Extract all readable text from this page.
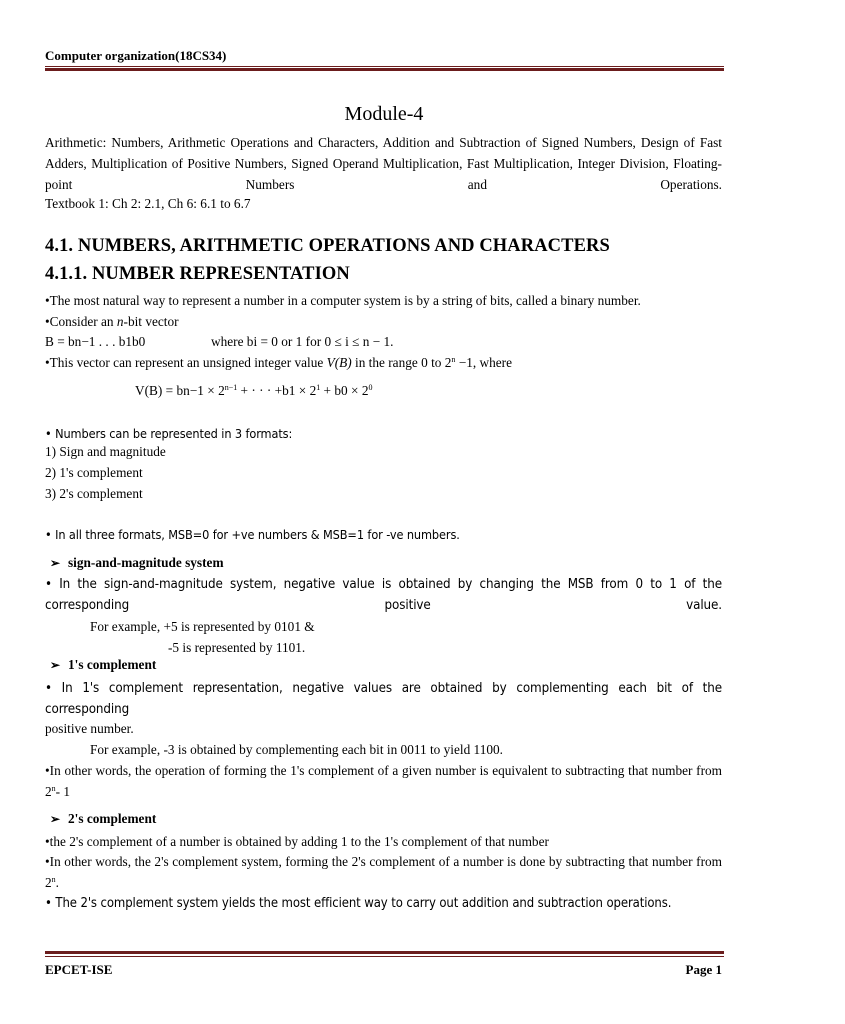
Computer organization(18CS34)
Module-4
Arithmetic: Numbers, Arithmetic Operations and Characters, Addition and Subtraction of Signed Numbers, Design of Fast Adders, Multiplication of Positive Numbers, Signed Operand Multiplication, Fast Multiplication, Integer Division, Floating-point Numbers and Operations.
Textbook 1: Ch 2: 2.1, Ch 6: 6.1 to 6.7
4.1. NUMBERS, ARITHMETIC OPERATIONS AND CHARACTERS
4.1.1. NUMBER REPRESENTATION
•The most natural way to represent a number in a computer system is by a string of bits, called a binary number.
•Consider an n-bit vector
B = bn−1 . . . b1b0	where bi = 0 or 1 for 0 ≤ i ≤ n − 1.
•This vector can represent an unsigned integer value V(B) in the range 0 to $2^n -1$, where
$V(B) = bn-1 \times 2^{n-1}$ + · · · $+b1 \times 2^1 + b0 \times 2^0$
• Numbers can be represented in 3 formats:
1) Sign and magnitude
2) 1's complement
3) 2's complement
• In all three formats, MSB=0 for +ve numbers & MSB=1 for -ve numbers.
➢ sign-and-magnitude system
• In the sign-and-magnitude system, negative value is obtained by changing the MSB from 0 to 1 of the corresponding positive value.
For example, +5 is represented by 0101 &
-5 is represented by 1101.
➢ 1's complement
• In 1's complement representation, negative values are obtained by complementing each bit of the corresponding
positive number.
For example, -3 is obtained by complementing each bit in 0011 to yield 1100.
•In other words, the operation of forming the 1's complement of a given number is equivalent to subtracting that number from 2$^n$- 1
➢ 2's complement
•the 2's complement of a number is obtained by adding 1 to the 1's complement of that number
•In other words, the 2's complement system, forming the 2's complement of a number is done by subtracting that number from 2$^n$.
• The 2's complement system yields the most efficient way to carry out addition and subtraction operations.
EPCET-ISE	Page 1
